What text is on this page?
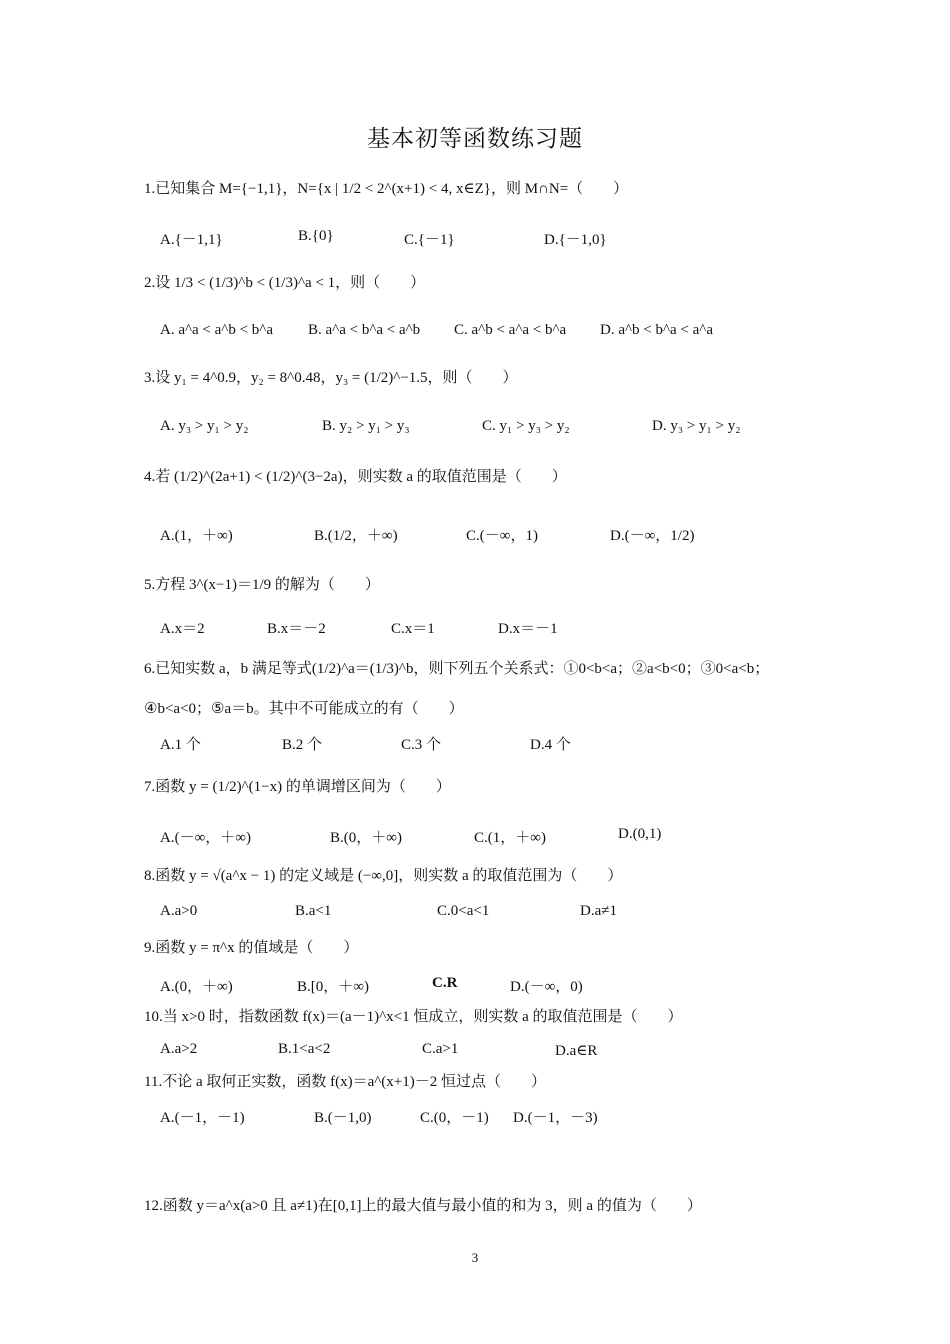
基本初等函数练习题
1.已知集合 M={−1,1}，N={x | 1/2 < 2^(x+1) < 4, x∈Z}，则 M∩N=（　　）
A.{－1,1}	B.{0}	C.{－1}	D.{－1,0}
2.设 1/3 < (1/3)^b < (1/3)^a < 1，则（　　）
A. a^a < a^b < b^a B. a^a < b^a < a^b C. a^b < a^a < b^a D. a^b < b^a < a^a
3.设 y₁ = 4^0.9，y₂ = 8^0.48，y₃ = (1/2)^−1.5，则（　　）
A. y₃ > y₁ > y₂	B. y₂ > y₁ > y₃	C. y₁ > y₃ > y₂	D. y₃ > y₁ > y₂
4.若 (1/2)^(2a+1) < (1/2)^(3−2a)，则实数 a 的取值范围是（　　）
A.(1，＋∞)	B.(1/2，＋∞)	C.(－∞，1)	D.(－∞，1/2)
5.方程 3^(x−1)＝1/9 的解为（　　）
A.x＝2	B.x＝－2	C.x＝1	D.x＝－1
6.已知实数 a，b 满足等式(1/2)^a＝(1/3)^b，则下列五个关系式：①0<b<a；②a<b<0；③0<a<b；
④b<a<0；⑤a＝b。其中不可能成立的有（　　）
A.1 个	B.2 个	C.3 个	D.4 个
7.函数 y = (1/2)^(1−x) 的单调增区间为（　　）
A.(－∞，＋∞)	B.(0，＋∞)	C.(1，＋∞)	D.(0,1)
8.函数 y = √(a^x − 1) 的定义域是 (−∞,0]，则实数 a 的取值范围为（　　）
A.a>0	B.a<1	C.0<a<1	D.a≠1
9.函数 y = π^x 的值域是（　　）
A.(0，＋∞)	B.[0，＋∞)	C.R	D.(－∞，0)
10.当 x>0 时，指数函数 f(x)＝(a－1)^x<1 恒成立，则实数 a 的取值范围是（　　）
A.a>2	B.1<a<2	C.a>1	D.a∈R
11.不论 a 取何正实数，函数 f(x)＝a^(x+1)－2 恒过点（　　）
A.(－1，－1)	B.(－1,0)	C.(0，－1) D.(－1，－3)
12.函数 y＝a^x(a>0 且 a≠1)在[0,1]上的最大值与最小值的和为 3，则 a 的值为（　　）
3
